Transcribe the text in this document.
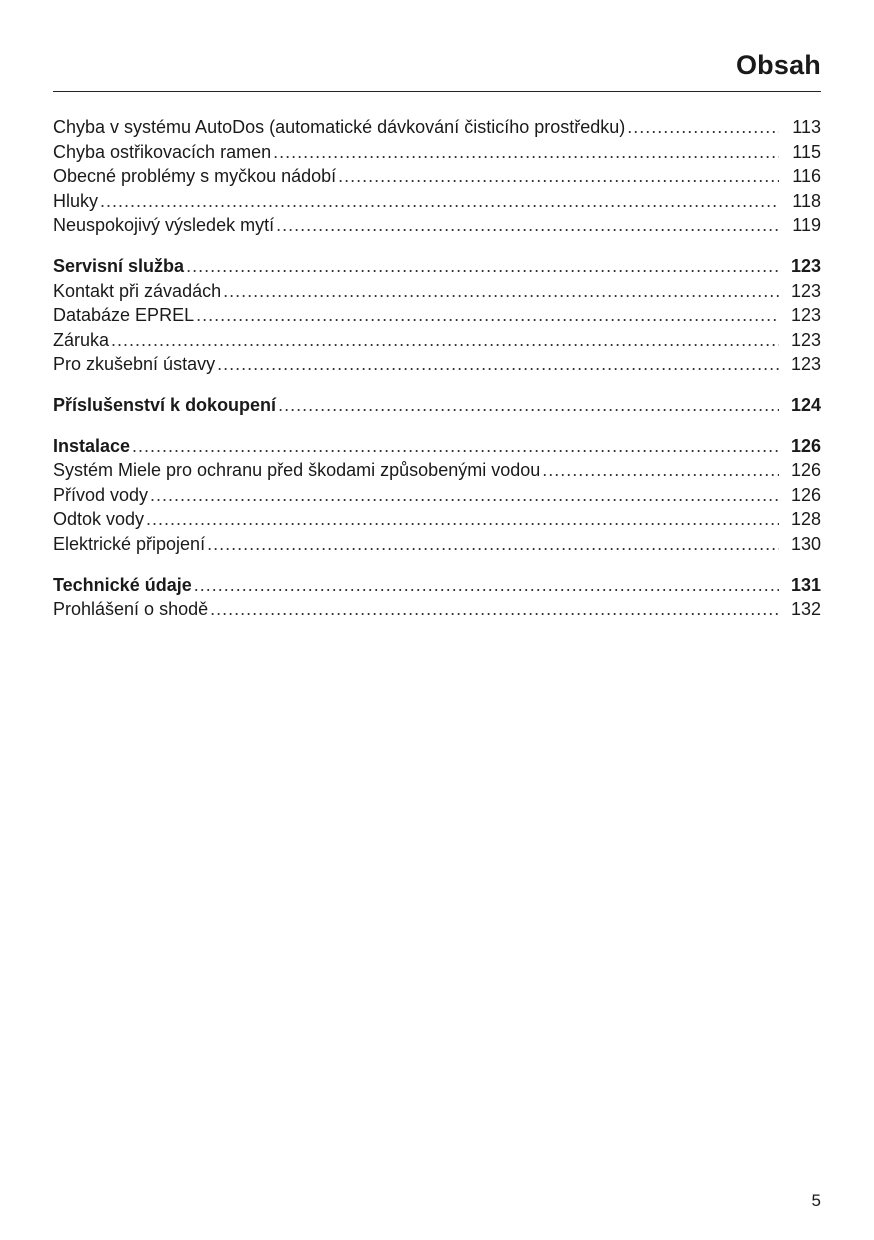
Obsah
Chyba v systému AutoDos (automatické dávkování čisticího prostředku) .....	113
Chyba ostřikovacích ramen .....	115
Obecné problémy s myčkou nádobí .....	116
Hluky .....	118
Neuspokojivý výsledek mytí .....	119
Servisní služba .....	123
Kontakt při závadách .....	123
Databáze EPREL .....	123
Záruka .....	123
Pro zkušební ústavy .....	123
Příslušenství k dokoupení .....	124
Instalace .....	126
Systém Miele pro ochranu před škodami způsobenými vodou .....	126
Přívod vody .....	126
Odtok vody .....	128
Elektrické připojení .....	130
Technické údaje .....	131
Prohlášení o shodě .....	132
5
